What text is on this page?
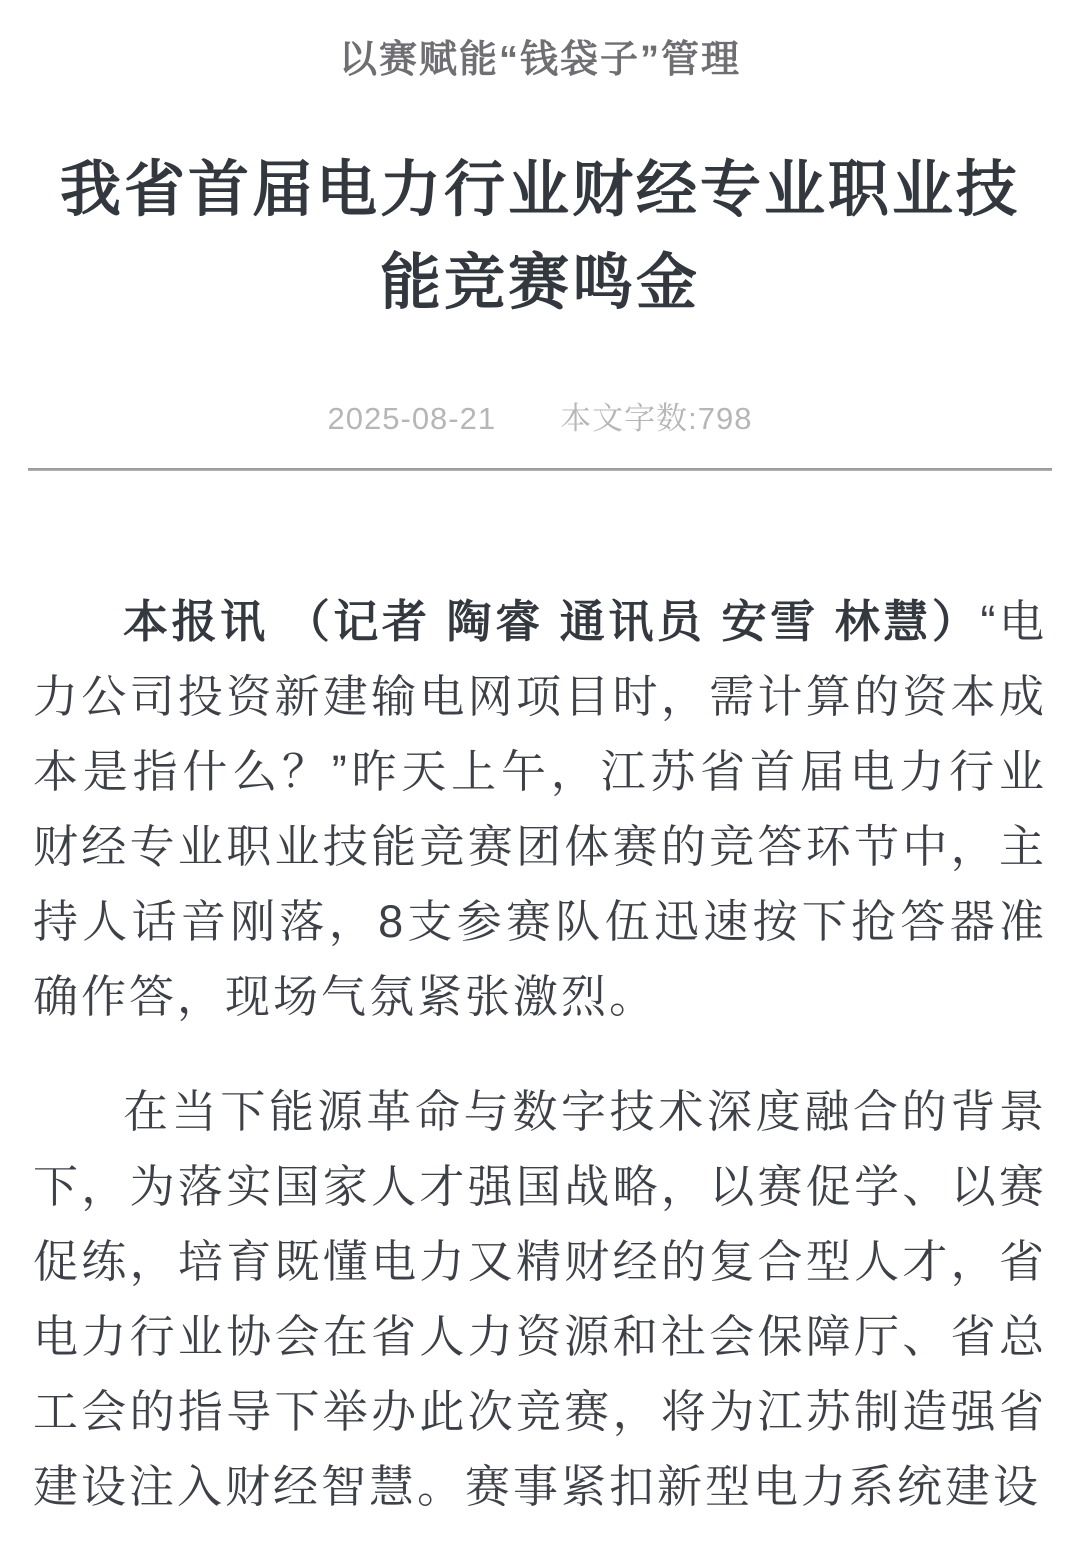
以赛赋能“钱袋子”管理
我省首届电力行业财经专业职业技能竞赛鸣金
2025-08-21 本文字数:798

本报讯 （记者 陶睿 通讯员 安雪 林慧）“电力公司投资新建输电网项目时，需计算的资本成本是指什么？”昨天上午，江苏省首届电力行业财经专业职业技能竞赛团体赛的竞答环节中，主持人话音刚落，8支参赛队伍迅速按下抢答器准确作答，现场气氛紧张激烈。

在当下能源革命与数字技术深度融合的背景下，为落实国家人才强国战略，以赛促学、以赛促练，培育既懂电力又精财经的复合型人才，省电力行业协会在省人力资源和社会保障厅、省总工会的指导下举办此次竞赛，将为江苏制造强省建设注入财经智慧。赛事紧扣新型电力系统建设
